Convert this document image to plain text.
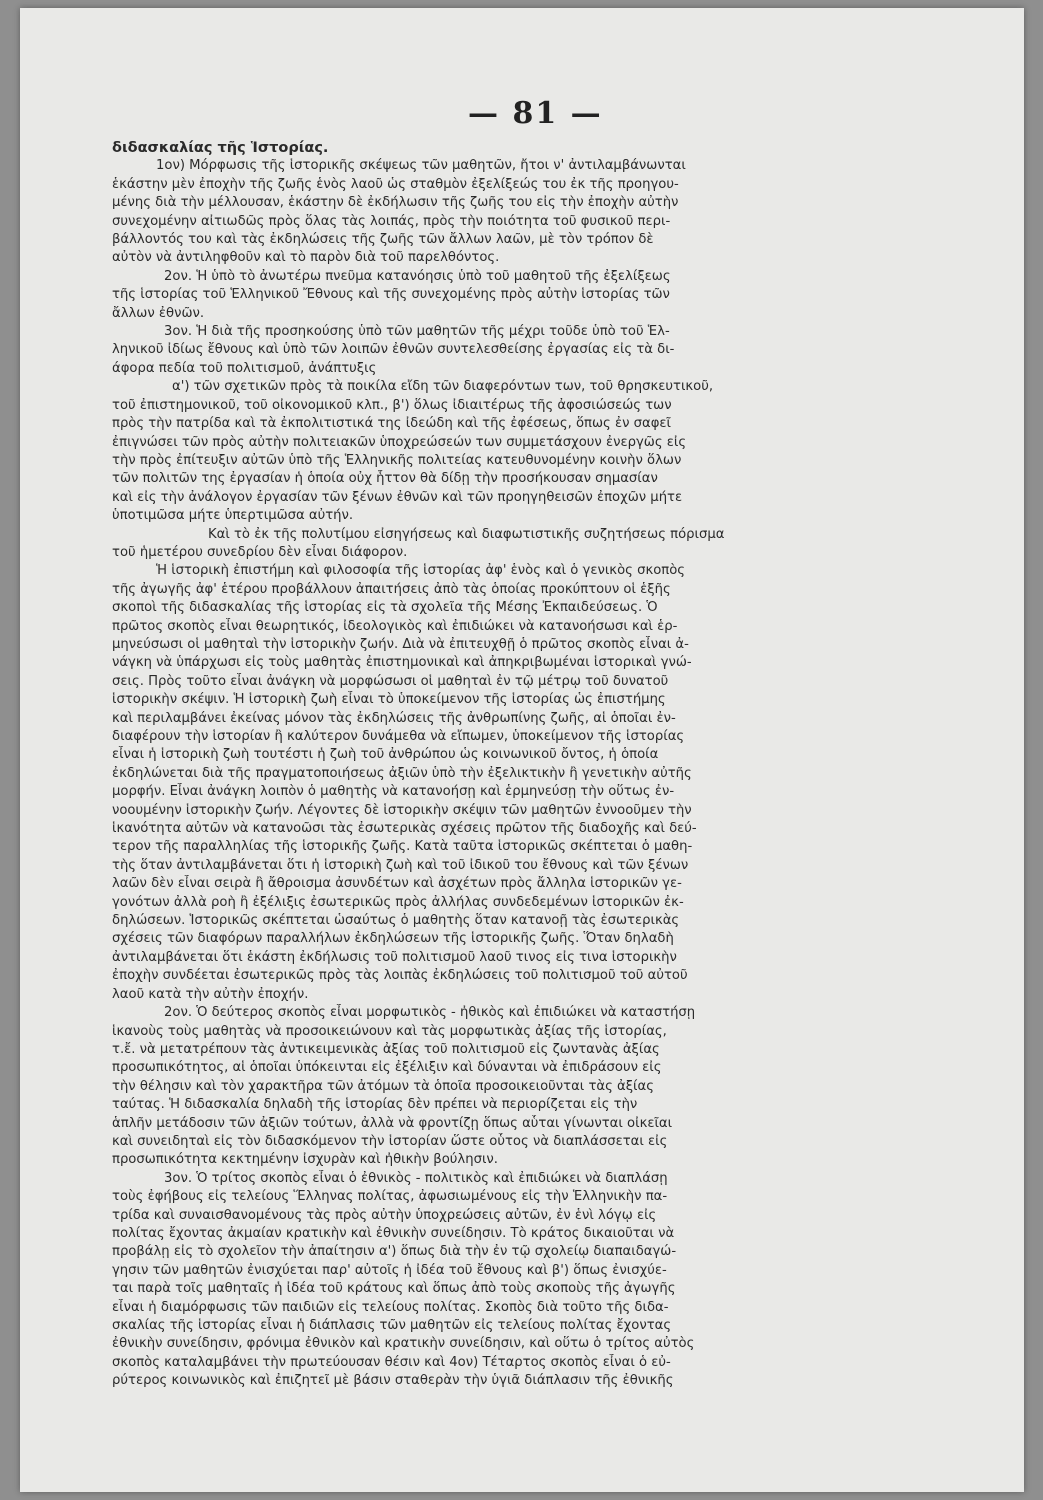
— 81 —
διδασκαλίας τῆς Ἱστορίας.
1ον) Μόρφωσις τῆς ἱστορικῆς σκέψεως τῶν μαθητῶν, ἤτοι ν' ἀντιλαμβάνωνται
ἑκάστην μὲν ἐποχὴν τῆς ζωῆς ἑνὸς λαοῦ ὡς σταθμὸν ἐξελίξεώς του ἐκ τῆς προηγου-
μένης διὰ τὴν μέλλουσαν, ἑκάστην δὲ ἐκδήλωσιν τῆς ζωῆς του εἰς τὴν ἐποχὴν αὐτὴν
συνεχομένην αἰτιωδῶς πρὸς ὅλας τὰς λοιπάς, πρὸς τὴν ποιότητα τοῦ φυσικοῦ περι-
βάλλοντός του καὶ τὰς ἐκδηλώσεις τῆς ζωῆς τῶν ἄλλων λαῶν, μὲ τὸν τρόπον δὲ
αὐτὸν νὰ ἀντιληφθοῦν καὶ τὸ παρὸν διὰ τοῦ παρελθόντος.
2ον. Ἡ ὑπὸ τὸ ἀνωτέρω πνεῦμα κατανόησις ὑπὸ τοῦ μαθητοῦ τῆς ἐξελίξεως
τῆς ἱστορίας τοῦ Ἑλληνικοῦ Ἔθνους καὶ τῆς συνεχομένης πρὸς αὐτὴν ἱστορίας τῶν
ἄλλων ἐθνῶν.
3ον. Ἡ διὰ τῆς προσηκούσης ὑπὸ τῶν μαθητῶν τῆς μέχρι τοῦδε ὑπὸ τοῦ Ἑλ-
ληνικοῦ ἰδίως ἔθνους καὶ ὑπὸ τῶν λοιπῶν ἐθνῶν συντελεσθείσης ἐργασίας εἰς τὰ δι-
άφορα πεδία τοῦ πολιτισμοῦ, ἀνάπτυξις
α') τῶν σχετικῶν πρὸς τὰ ποικίλα εἴδη τῶν διαφερόντων των, τοῦ θρησκευτικοῦ,
τοῦ ἐπιστημονικοῦ, τοῦ οἰκονομικοῦ κλπ., β') ὅλως ἰδιαιτέρως τῆς ἀφοσιώσεώς των
πρὸς τὴν πατρίδα καὶ τὰ ἐκπολιτιστικά της ἰδεώδη καὶ τῆς ἐφέσεως, ὅπως ἐν σαφεῖ
ἐπιγνώσει τῶν πρὸς αὐτὴν πολιτειακῶν ὑποχρεώσεών των συμμετάσχουν ἐνεργῶς εἰς
τὴν πρὸς ἐπίτευξιν αὐτῶν ὑπὸ τῆς Ἑλληνικῆς πολιτείας κατευθυνομένην κοινὴν ὅλων
τῶν πολιτῶν της ἐργασίαν ἡ ὁποία οὐχ ἧττον θὰ δίδῃ τὴν προσήκουσαν σημασίαν
καὶ εἰς τὴν ἀνάλογον ἐργασίαν τῶν ξένων ἐθνῶν καὶ τῶν προηγηθεισῶν ἐποχῶν μήτε
ὑποτιμῶσα μήτε ὑπερτιμῶσα αὐτήν.
Καὶ τὸ ἐκ τῆς πολυτίμου εἰσηγήσεως καὶ διαφωτιστικῆς συζητήσεως πόρισμα
τοῦ ἡμετέρου συνεδρίου δὲν εἶναι διάφορον.
Ἡ ἱστορικὴ ἐπιστήμη καὶ φιλοσοφία τῆς ἱστορίας ἀφ' ἑνὸς καὶ ὁ γενικὸς σκοπὸς
τῆς ἀγωγῆς ἀφ' ἑτέρου προβάλλουν ἀπαιτήσεις ἀπὸ τὰς ὁποίας προκύπτουν οἱ ἑξῆς
σκοποὶ τῆς διδασκαλίας τῆς ἱστορίας εἰς τὰ σχολεῖα τῆς Μέσης Ἐκπαιδεύσεως. Ὁ
πρῶτος σκοπὸς εἶναι θεωρητικός, ἰδεολογικὸς καὶ ἐπιδιώκει νὰ κατανοήσωσι καὶ ἑρ-
μηνεύσωσι οἱ μαθηταὶ τὴν ἱστορικὴν ζωήν. Διὰ νὰ ἐπιτευχθῇ ὁ πρῶτος σκοπὸς εἶναι ἀ-
νάγκη νὰ ὑπάρχωσι εἰς τοὺς μαθητὰς ἐπιστημονικαὶ καὶ ἀπηκριβωμέναι ἱστορικαὶ γνώ-
σεις. Πρὸς τοῦτο εἶναι ἀνάγκη νὰ μορφώσωσι οἱ μαθηταὶ ἐν τῷ μέτρῳ τοῦ δυνατοῦ
ἱστορικὴν σκέψιν. Ἡ ἱστορικὴ ζωὴ εἶναι τὸ ὑποκείμενον τῆς ἱστορίας ὡς ἐπιστήμης
καὶ περιλαμβάνει ἐκείνας μόνον τὰς ἐκδηλώσεις τῆς ἀνθρωπίνης ζωῆς, αἱ ὁποῖαι ἐν-
διαφέρουν τὴν ἱστορίαν ἢ καλύτερον δυνάμεθα νὰ εἴπωμεν, ὑποκείμενον τῆς ἱστορίας
εἶναι ἡ ἱστορικὴ ζωὴ τουτέστι ἡ ζωὴ τοῦ ἀνθρώπου ὡς κοινωνικοῦ ὄντος, ἡ ὁποία
ἐκδηλώνεται διὰ τῆς πραγματοποιήσεως ἀξιῶν ὑπὸ τὴν ἐξελικτικὴν ἢ γενετικὴν αὐτῆς
μορφήν. Εἶναι ἀνάγκη λοιπὸν ὁ μαθητὴς νὰ κατανοήσῃ καὶ ἑρμηνεύσῃ τὴν οὕτως ἐν-
νοουμένην ἱστορικὴν ζωήν. Λέγοντες δὲ ἱστορικὴν σκέψιν τῶν μαθητῶν ἐννοοῦμεν τὴν
ἱκανότητα αὐτῶν νὰ κατανοῶσι τὰς ἐσωτερικὰς σχέσεις πρῶτον τῆς διαδοχῆς καὶ δεύ-
τερον τῆς παραλληλίας τῆς ἱστορικῆς ζωῆς. Κατὰ ταῦτα ἱστορικῶς σκέπτεται ὁ μαθη-
τὴς ὅταν ἀντιλαμβάνεται ὅτι ἡ ἱστορικὴ ζωὴ καὶ τοῦ ἰδικοῦ του ἔθνους καὶ τῶν ξένων
λαῶν δὲν εἶναι σειρὰ ἢ ἄθροισμα ἀσυνδέτων καὶ ἀσχέτων πρὸς ἄλληλα ἱστορικῶν γε-
γονότων ἀλλὰ ροὴ ἢ ἐξέλιξις ἐσωτερικῶς πρὸς ἀλλήλας συνδεδεμένων ἱστορικῶν ἐκ-
δηλώσεων. Ἱστορικῶς σκέπτεται ὡσαύτως ὁ μαθητὴς ὅταν κατανοῇ τὰς ἐσωτερικὰς
σχέσεις τῶν διαφόρων παραλλήλων ἐκδηλώσεων τῆς ἱστορικῆς ζωῆς. Ὅταν δηλαδὴ
ἀντιλαμβάνεται ὅτι ἑκάστη ἐκδήλωσις τοῦ πολιτισμοῦ λαοῦ τινος εἰς τινα ἱστορικὴν
ἐποχὴν συνδέεται ἐσωτερικῶς πρὸς τὰς λοιπὰς ἐκδηλώσεις τοῦ πολιτισμοῦ τοῦ αὐτοῦ
λαοῦ κατὰ τὴν αὐτὴν ἐποχήν.
2ον. Ὁ δεύτερος σκοπὸς εἶναι μορφωτικὸς - ἠθικὸς καὶ ἐπιδιώκει νὰ καταστήσῃ
ἱκανοὺς τοὺς μαθητὰς νὰ προσοικειώνουν καὶ τὰς μορφωτικὰς ἀξίας τῆς ἱστορίας,
τ.ἔ. νὰ μετατρέπουν τὰς ἀντικειμενικὰς ἀξίας τοῦ πολιτισμοῦ εἰς ζωντανὰς ἀξίας
προσωπικότητος, αἱ ὁποῖαι ὑπόκεινται εἰς ἐξέλιξιν καὶ δύνανται νὰ ἐπιδράσουν εἰς
τὴν θέλησιν καὶ τὸν χαρακτῆρα τῶν ἀτόμων τὰ ὁποῖα προσοικειοῦνται τὰς ἀξίας
ταύτας. Ἡ διδασκαλία δηλαδὴ τῆς ἱστορίας δὲν πρέπει νὰ περιορίζεται εἰς τὴν
ἁπλῆν μετάδοσιν τῶν ἀξιῶν τούτων, ἀλλὰ νὰ φροντίζῃ ὅπως αὗται γίνωνται οἰκεῖαι
καὶ συνειδηταὶ εἰς τὸν διδασκόμενον τὴν ἱστορίαν ὥστε οὗτος νὰ διαπλάσσεται εἰς
προσωπικότητα κεκτημένην ἰσχυρὰν καὶ ἠθικὴν βούλησιν.
3ον. Ὁ τρίτος σκοπὸς εἶναι ὁ ἐθνικὸς - πολιτικὸς καὶ ἐπιδιώκει νὰ διαπλάσῃ
τοὺς ἐφήβους εἰς τελείους Ἕλληνας πολίτας, ἀφωσιωμένους εἰς τὴν Ἑλληνικὴν πα-
τρίδα καὶ συναισθανομένους τὰς πρὸς αὐτὴν ὑποχρεώσεις αὐτῶν, ἐν ἑνὶ λόγῳ εἰς
πολίτας ἔχοντας ἀκμαίαν κρατικὴν καὶ ἐθνικὴν συνείδησιν. Τὸ κράτος δικαιοῦται νὰ
προβάλῃ εἰς τὸ σχολεῖον τὴν ἀπαίτησιν α') ὅπως διὰ τὴν ἐν τῷ σχολείῳ διαπαιδαγώ-
γησιν τῶν μαθητῶν ἐνισχύεται παρ' αὐτοῖς ἡ ἰδέα τοῦ ἔθνους καὶ β') ὅπως ἐνισχύε-
ται παρὰ τοῖς μαθηταῖς ἡ ἰδέα τοῦ κράτους καὶ ὅπως ἀπὸ τοὺς σκοποὺς τῆς ἀγωγῆς
εἶναι ἡ διαμόρφωσις τῶν παιδιῶν εἰς τελείους πολίτας. Σκοπὸς διὰ τοῦτο τῆς διδα-
σκαλίας τῆς ἱστορίας εἶναι ἡ διάπλασις τῶν μαθητῶν εἰς τελείους πολίτας ἔχοντας
ἐθνικὴν συνείδησιν, φρόνιμα ἐθνικὸν καὶ κρατικὴν συνείδησιν, καὶ οὕτω ὁ τρίτος αὐτὸς
σκοπὸς καταλαμβάνει τὴν πρωτεύουσαν θέσιν καὶ 4ον) Τέταρτος σκοπὸς εἶναι ὁ εὐ-
ρύτερος κοινωνικὸς καὶ ἐπιζητεῖ μὲ βάσιν σταθερὰν τὴν ὑγιᾶ διάπλασιν τῆς ἐθνικῆς
